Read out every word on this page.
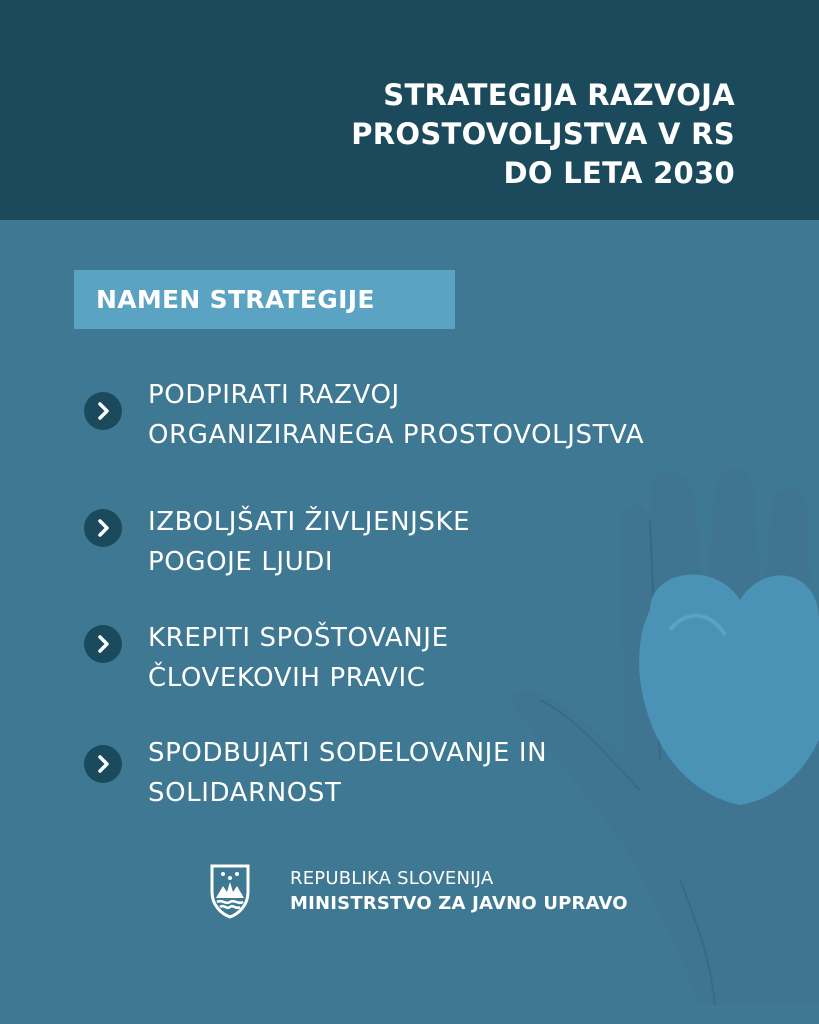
STRATEGIJA RAZVOJA
PROSTOVOLJSTVA V RS
DO LETA 2030
NAMEN STRATEGIJE
PODPIRATI RAZVOJ
ORGANIZIRANEGA PROSTOVOLJSTVA
IZBOLJŠATI ŽIVLJENJSKE
POGOJE LJUDI
KREPITI SPOŠTOVANJE
ČLOVEKOVIH PRAVIC
SPODBUJATI SODELOVANJE IN
SOLIDARNOST
REPUBLIKA SLOVENIJA
MINISTRSTVO ZA JAVNO UPRAVO
